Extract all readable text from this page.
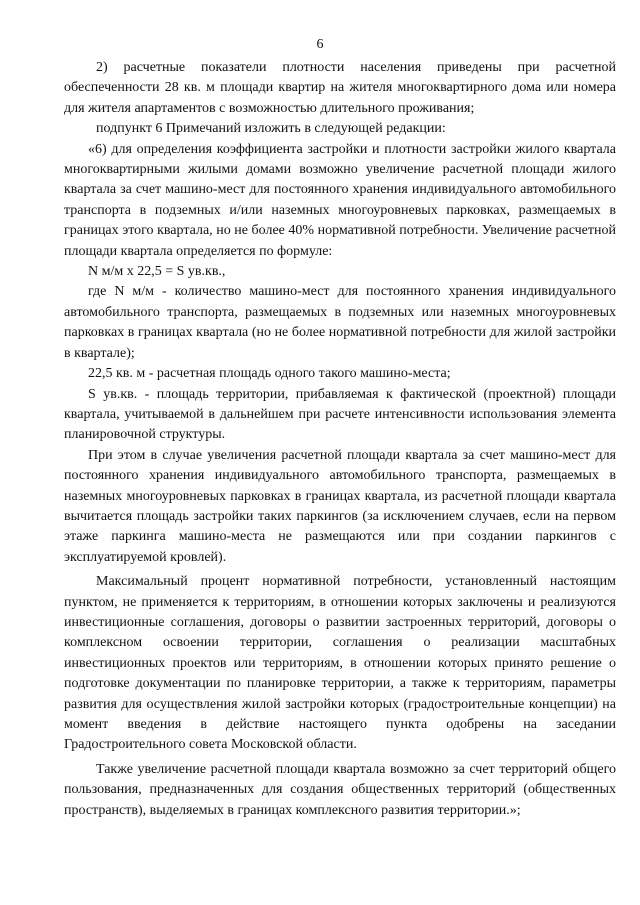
6

2) расчетные показатели плотности населения приведены при расчетной обеспеченности 28 кв. м площади квартир на жителя многоквартирного дома или номера для жителя апартаментов с возможностью длительного проживания;

подпункт 6 Примечаний изложить в следующей редакции:

«6) для определения коэффициента застройки и плотности застройки жилого квартала многоквартирными жилыми домами возможно увеличение расчетной площади жилого квартала за счет машино-мест для постоянного хранения индивидуального автомобильного транспорта в подземных и/или наземных многоуровневых парковках, размещаемых в границах этого квартала, но не более 40% нормативной потребности. Увеличение расчетной площади квартала определяется по формуле:

N м/м х 22,5 = S ув.кв.,

где N м/м - количество машино-мест для постоянного хранения индивидуального автомобильного транспорта, размещаемых в подземных или наземных многоуровневых парковках в границах квартала (но не более нормативной потребности для жилой застройки в квартале);

22,5 кв. м - расчетная площадь одного такого машино-места;

S ув.кв. - площадь территории, прибавляемая к фактической (проектной) площади квартала, учитываемой в дальнейшем при расчете интенсивности использования элемента планировочной структуры.

При этом в случае увеличения расчетной площади квартала за счет машино-мест для постоянного хранения индивидуального автомобильного транспорта, размещаемых в наземных многоуровневых парковках в границах квартала, из расчетной площади квартала вычитается площадь застройки таких паркингов (за исключением случаев, если на первом этаже паркинга машино-места не размещаются или при создании паркингов с эксплуатируемой кровлей).

Максимальный процент нормативной потребности, установленный настоящим пунктом, не применяется к территориям, в отношении которых заключены и реализуются инвестиционные соглашения, договоры о развитии застроенных территорий, договоры о комплексном освоении территории, соглашения о реализации масштабных инвестиционных проектов или территориям, в отношении которых принято решение о подготовке документации по планировке территории, а также к территориям, параметры развития для осуществления жилой застройки которых (градостроительные концепции) на момент введения в действие настоящего пункта одобрены на заседании Градостроительного совета Московской области.

Также увеличение расчетной площади квартала возможно за счет территорий общего пользования, предназначенных для создания общественных территорий (общественных пространств), выделяемых в границах комплексного развития территории.»;
